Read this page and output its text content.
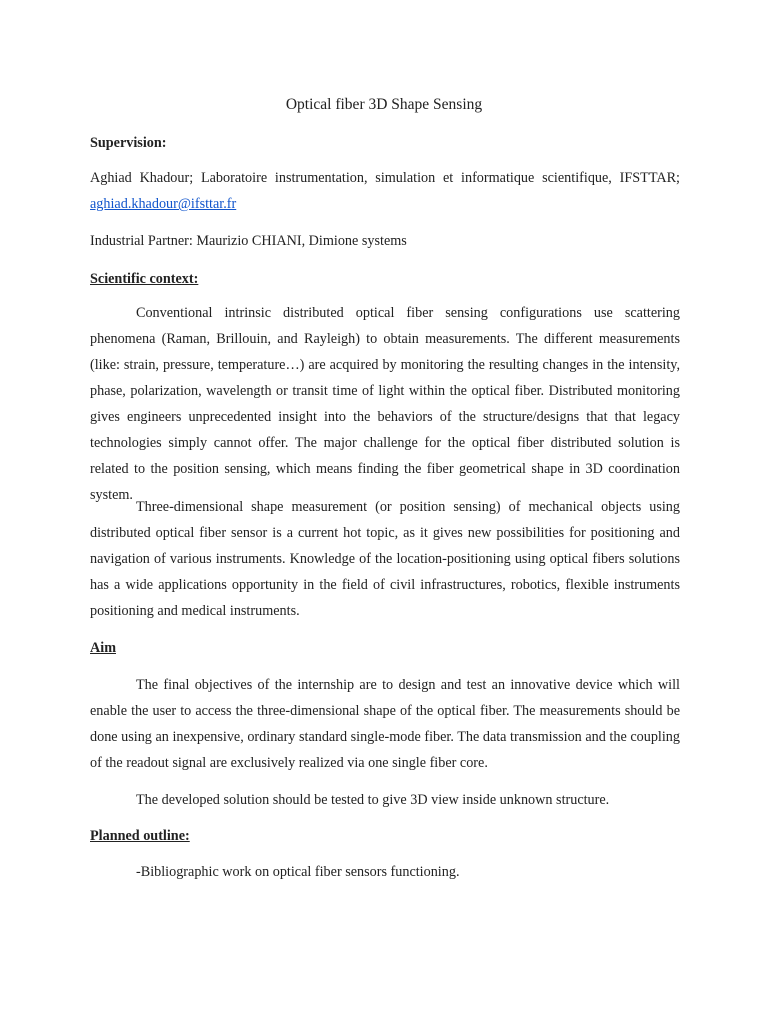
Optical fiber 3D Shape Sensing
Supervision:

Aghiad Khadour; Laboratoire instrumentation, simulation et informatique scientifique, IFSTTAR;

aghiad.khadour@ifsttar.fr
Industrial Partner: Maurizio CHIANI, Dimione systems
Scientific context:

Conventional intrinsic distributed optical fiber sensing configurations use scattering phenomena (Raman, Brillouin, and Rayleigh) to obtain measurements. The different measurements (like: strain, pressure, temperature…) are acquired by monitoring the resulting changes in the intensity, phase, polarization, wavelength or transit time of light within the optical fiber. Distributed monitoring gives engineers unprecedented insight into the behaviors of the structure/designs that that legacy technologies simply cannot offer. The major challenge for the optical fiber distributed solution is related to the position sensing, which means finding the fiber geometrical shape in 3D coordination system.

Three-dimensional shape measurement (or position sensing) of mechanical objects using distributed optical fiber sensor is a current hot topic, as it gives new possibilities for positioning and navigation of various instruments. Knowledge of the location-positioning using optical fibers solutions has a wide applications opportunity in the field of civil infrastructures, robotics, flexible instruments positioning and medical instruments.

Aim

The final objectives of the internship are to design and test an innovative device which will enable the user to access the three-dimensional shape of the optical fiber. The measurements should be done using an inexpensive, ordinary standard single-mode fiber. The data transmission and the coupling of the readout signal are exclusively realized via one single fiber core.

The developed solution should be tested to give 3D view inside unknown structure.

Planned outline:

-Bibliographic work on optical fiber sensors functioning.
